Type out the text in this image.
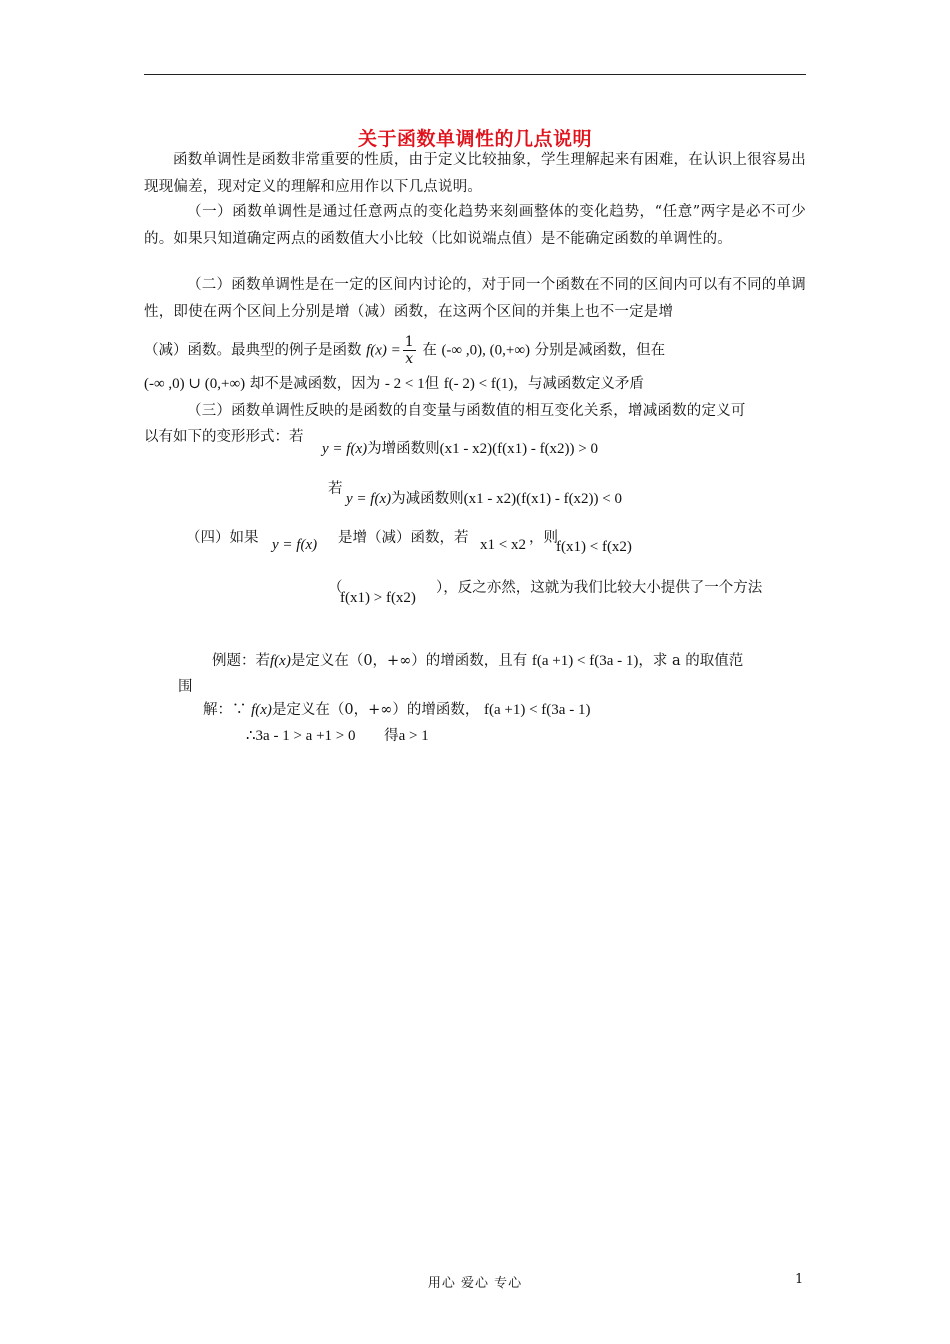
关于函数单调性的几点说明
函数单调性是函数非常重要的性质，由于定义比较抽象，学生理解起来有困难，在认识上很容易出现现偏差，现对定义的理解和应用作以下几点说明。
（一）函数单调性是通过任意两点的变化趋势来刻画整体的变化趋势，“任意”两字是必不可少的。如果只知道确定两点的函数值大小比较（比如说端点值）是不能确定函数的单调性的。
（二）函数单调性是在一定的区间内讨论的，对于同一个函数在不同的区间内可以有不同的单调性，即使在两个区间上分别是增（减）函数，在这两个区间的并集上也不一定是增
（减）函数。最典型的例子是函数 $f(x) = \frac{1}{x}$ 在 (-∞ ,0), (0,+∞) 分别是减函数，但在
(-∞ ,0) ∪ (0,+∞) 却不是减函数，因为 - 2 < 1但 f(- 2) < f(1)，与减函数定义矛盾
（三）函数单调性反映的是函数的自变量与函数值的相互变化关系，增减函数的定义可
以有如下的变形形式：若
y = f(x)为增函数则(x1 - x2)(f(x1) - f(x2)) > 0
若
y = f(x)为减函数则(x1 - x2)(f(x1) - f(x2)) < 0
（四）如果 y = f(x) 是增（减）函数，若 x1 < x2 ，则
f(x1) < f(x2)
（
f(x1) > f(x2)
），反之亦然，这就为我们比较大小提供了一个方法
例题：若f(x)是定义在（0，+∞）的增函数，且有 f(a +1) < f(3a - 1)，求 a 的取值范
围
解：∵ f(x)是定义在（0，+∞）的增函数， f(a +1) < f(3a - 1)
∴3a - 1 > a +1 > 0 得a > 1
用心 爱心 专心	1
